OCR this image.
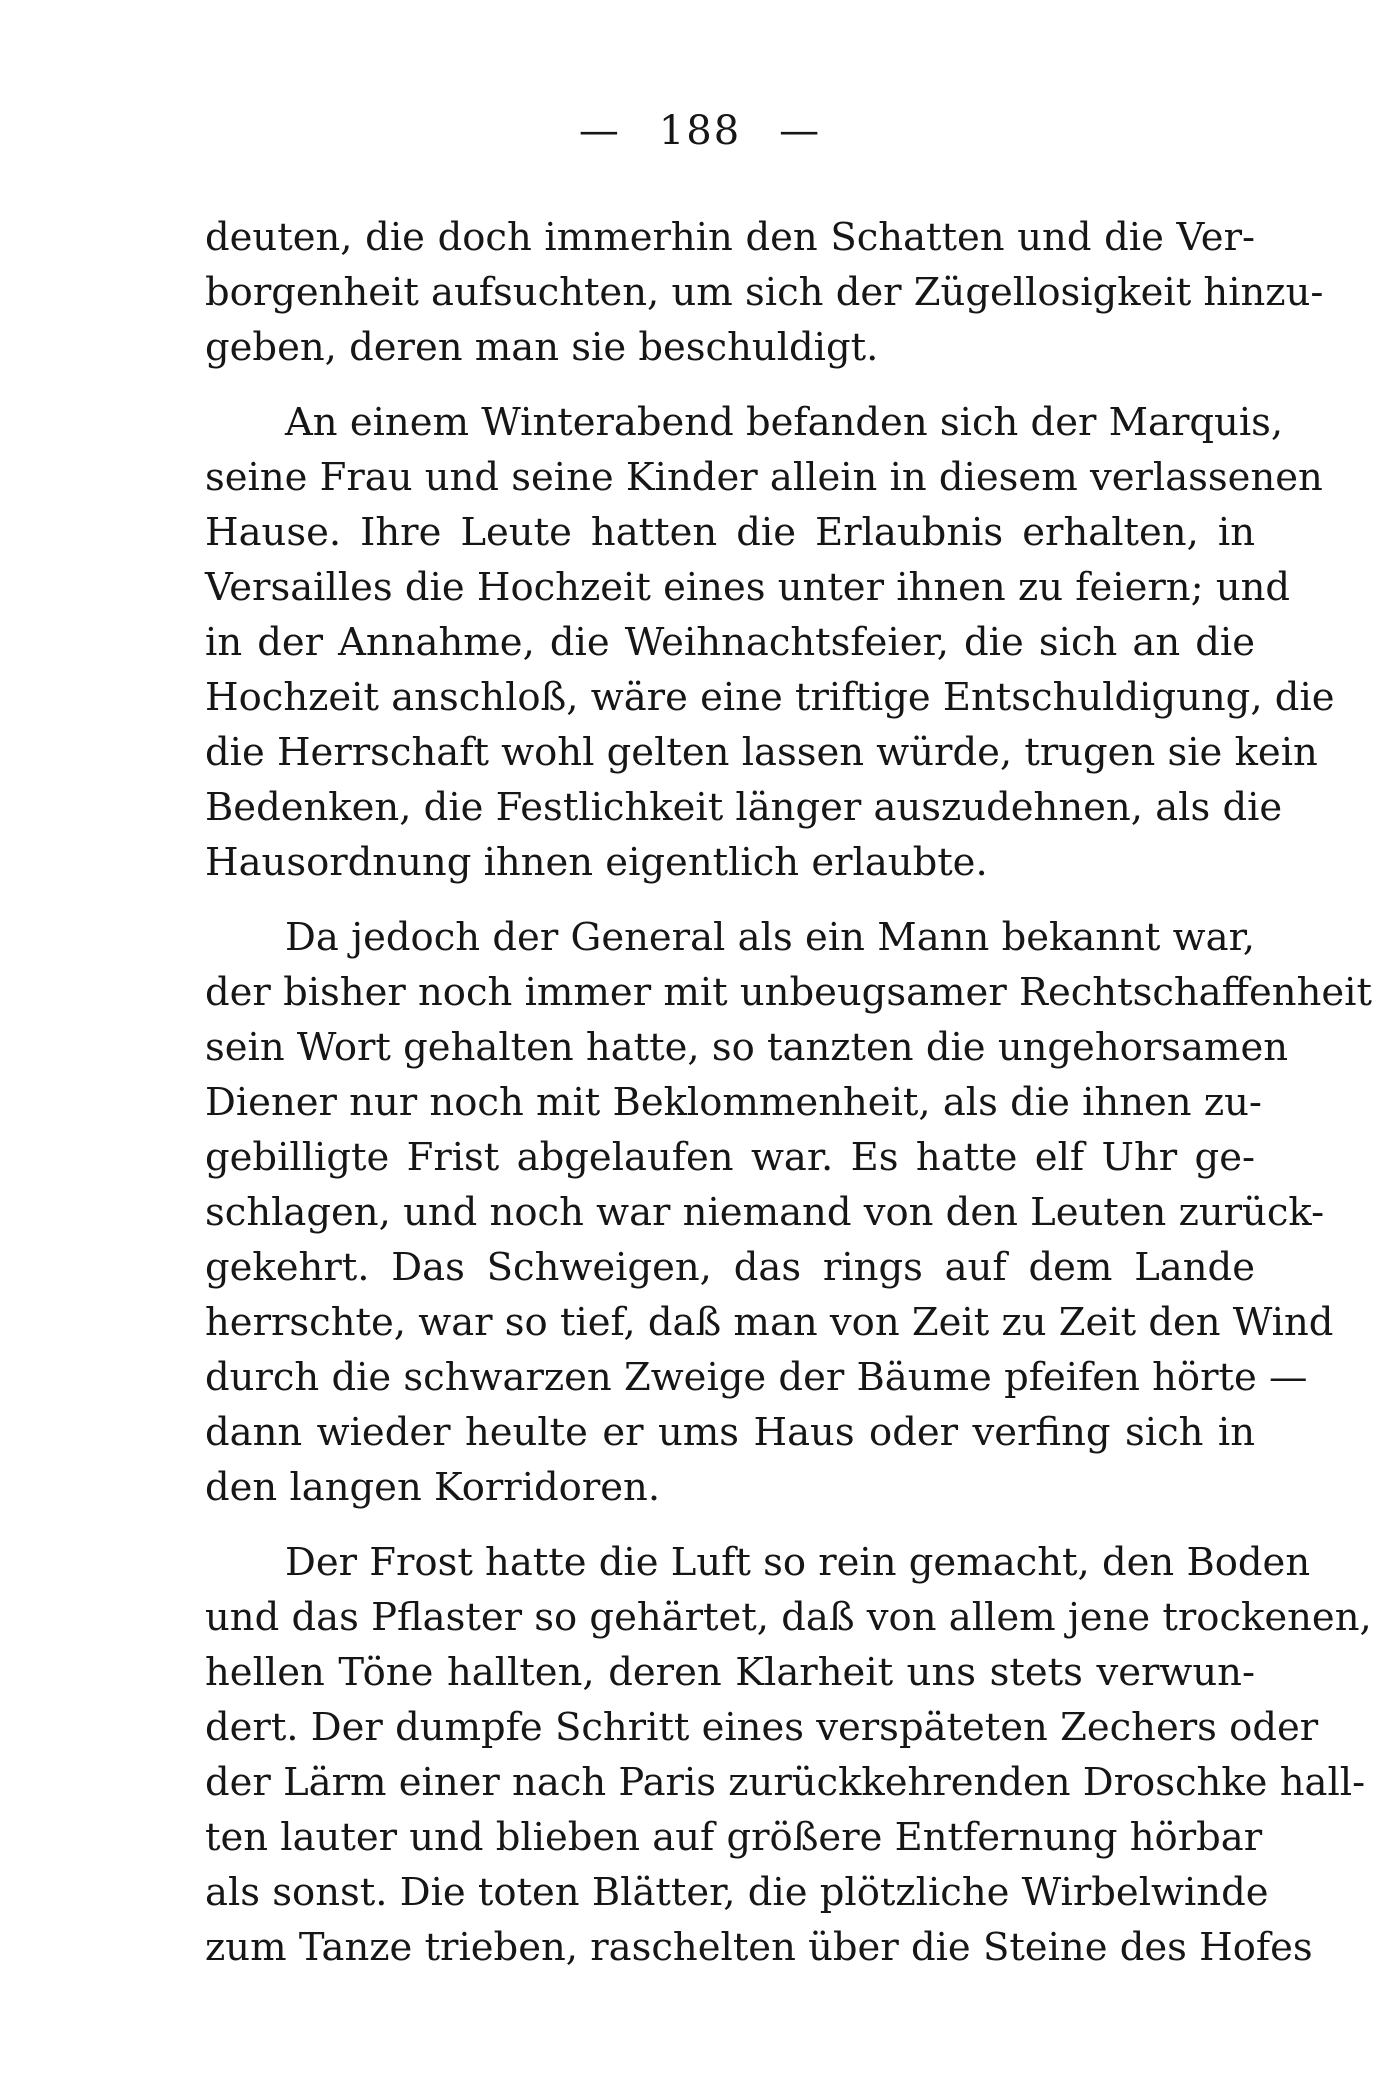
— 188 —
deuten, die doch immerhin den Schatten und die Ver-
borgenheit aufsuchten, um sich der Zügellosigkeit hinzu-
geben, deren man sie beschuldigt.
An einem Winterabend befanden sich der Marquis,
seine Frau und seine Kinder allein in diesem verlassenen
Hause. Ihre Leute hatten die Erlaubnis erhalten, in
Versailles die Hochzeit eines unter ihnen zu feiern; und
in der Annahme, die Weihnachtsfeier, die sich an die
Hochzeit anschloß, wäre eine triftige Entschuldigung, die
die Herrschaft wohl gelten lassen würde, trugen sie kein
Bedenken, die Festlichkeit länger auszudehnen, als die
Hausordnung ihnen eigentlich erlaubte.
Da jedoch der General als ein Mann bekannt war,
der bisher noch immer mit unbeugsamer Rechtschaffenheit
sein Wort gehalten hatte, so tanzten die ungehorsamen
Diener nur noch mit Beklommenheit, als die ihnen zu-
gebilligte Frist abgelaufen war. Es hatte elf Uhr ge-
schlagen, und noch war niemand von den Leuten zurück-
gekehrt. Das Schweigen, das rings auf dem Lande
herrschte, war so tief, daß man von Zeit zu Zeit den Wind
durch die schwarzen Zweige der Bäume pfeifen hörte —
dann wieder heulte er ums Haus oder verfing sich in
den langen Korridoren.
Der Frost hatte die Luft so rein gemacht, den Boden
und das Pflaster so gehärtet, daß von allem jene trockenen,
hellen Töne hallten, deren Klarheit uns stets verwun-
dert. Der dumpfe Schritt eines verspäteten Zechers oder
der Lärm einer nach Paris zurückkehrenden Droschke hall-
ten lauter und blieben auf größere Entfernung hörbar
als sonst. Die toten Blätter, die plötzliche Wirbelwinde
zum Tanze trieben, raschelten über die Steine des Hofes
